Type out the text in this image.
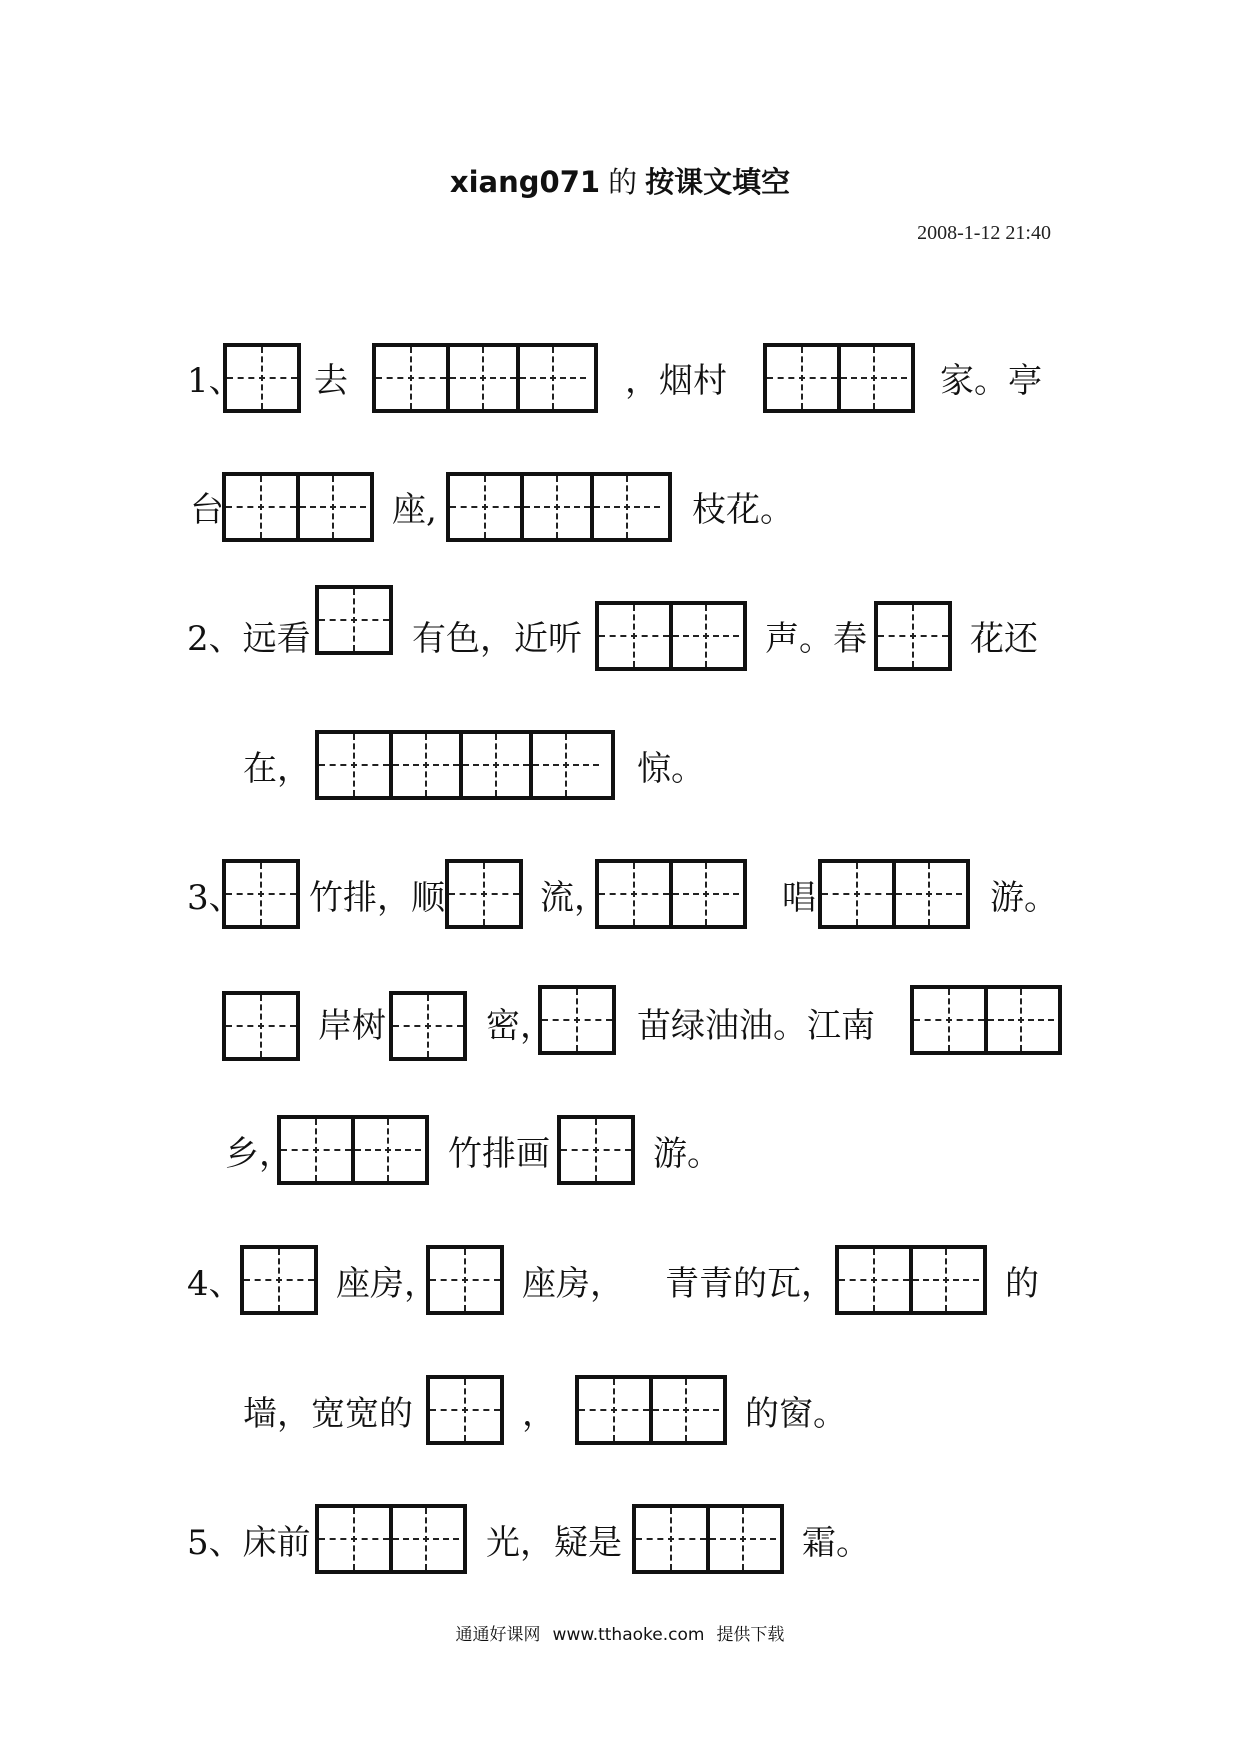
xiang071 的 按课文填空
2008-1-12 21:40
1、 去	，烟村	家。亭
台	座,	枝花。
2、远看	有色，近听	声。春	花还
在，	惊。
3、 竹排，顺	流，	唱	游。
岸树	密， 苗绿油油。江南
乡，	竹排画	游。
4、	座房， 座房， 青青的瓦，	的
墙，宽宽的	，	的窗。
5、床前	光，疑是	霜。
通通好课网 www.tthaoke.com 提供下载
